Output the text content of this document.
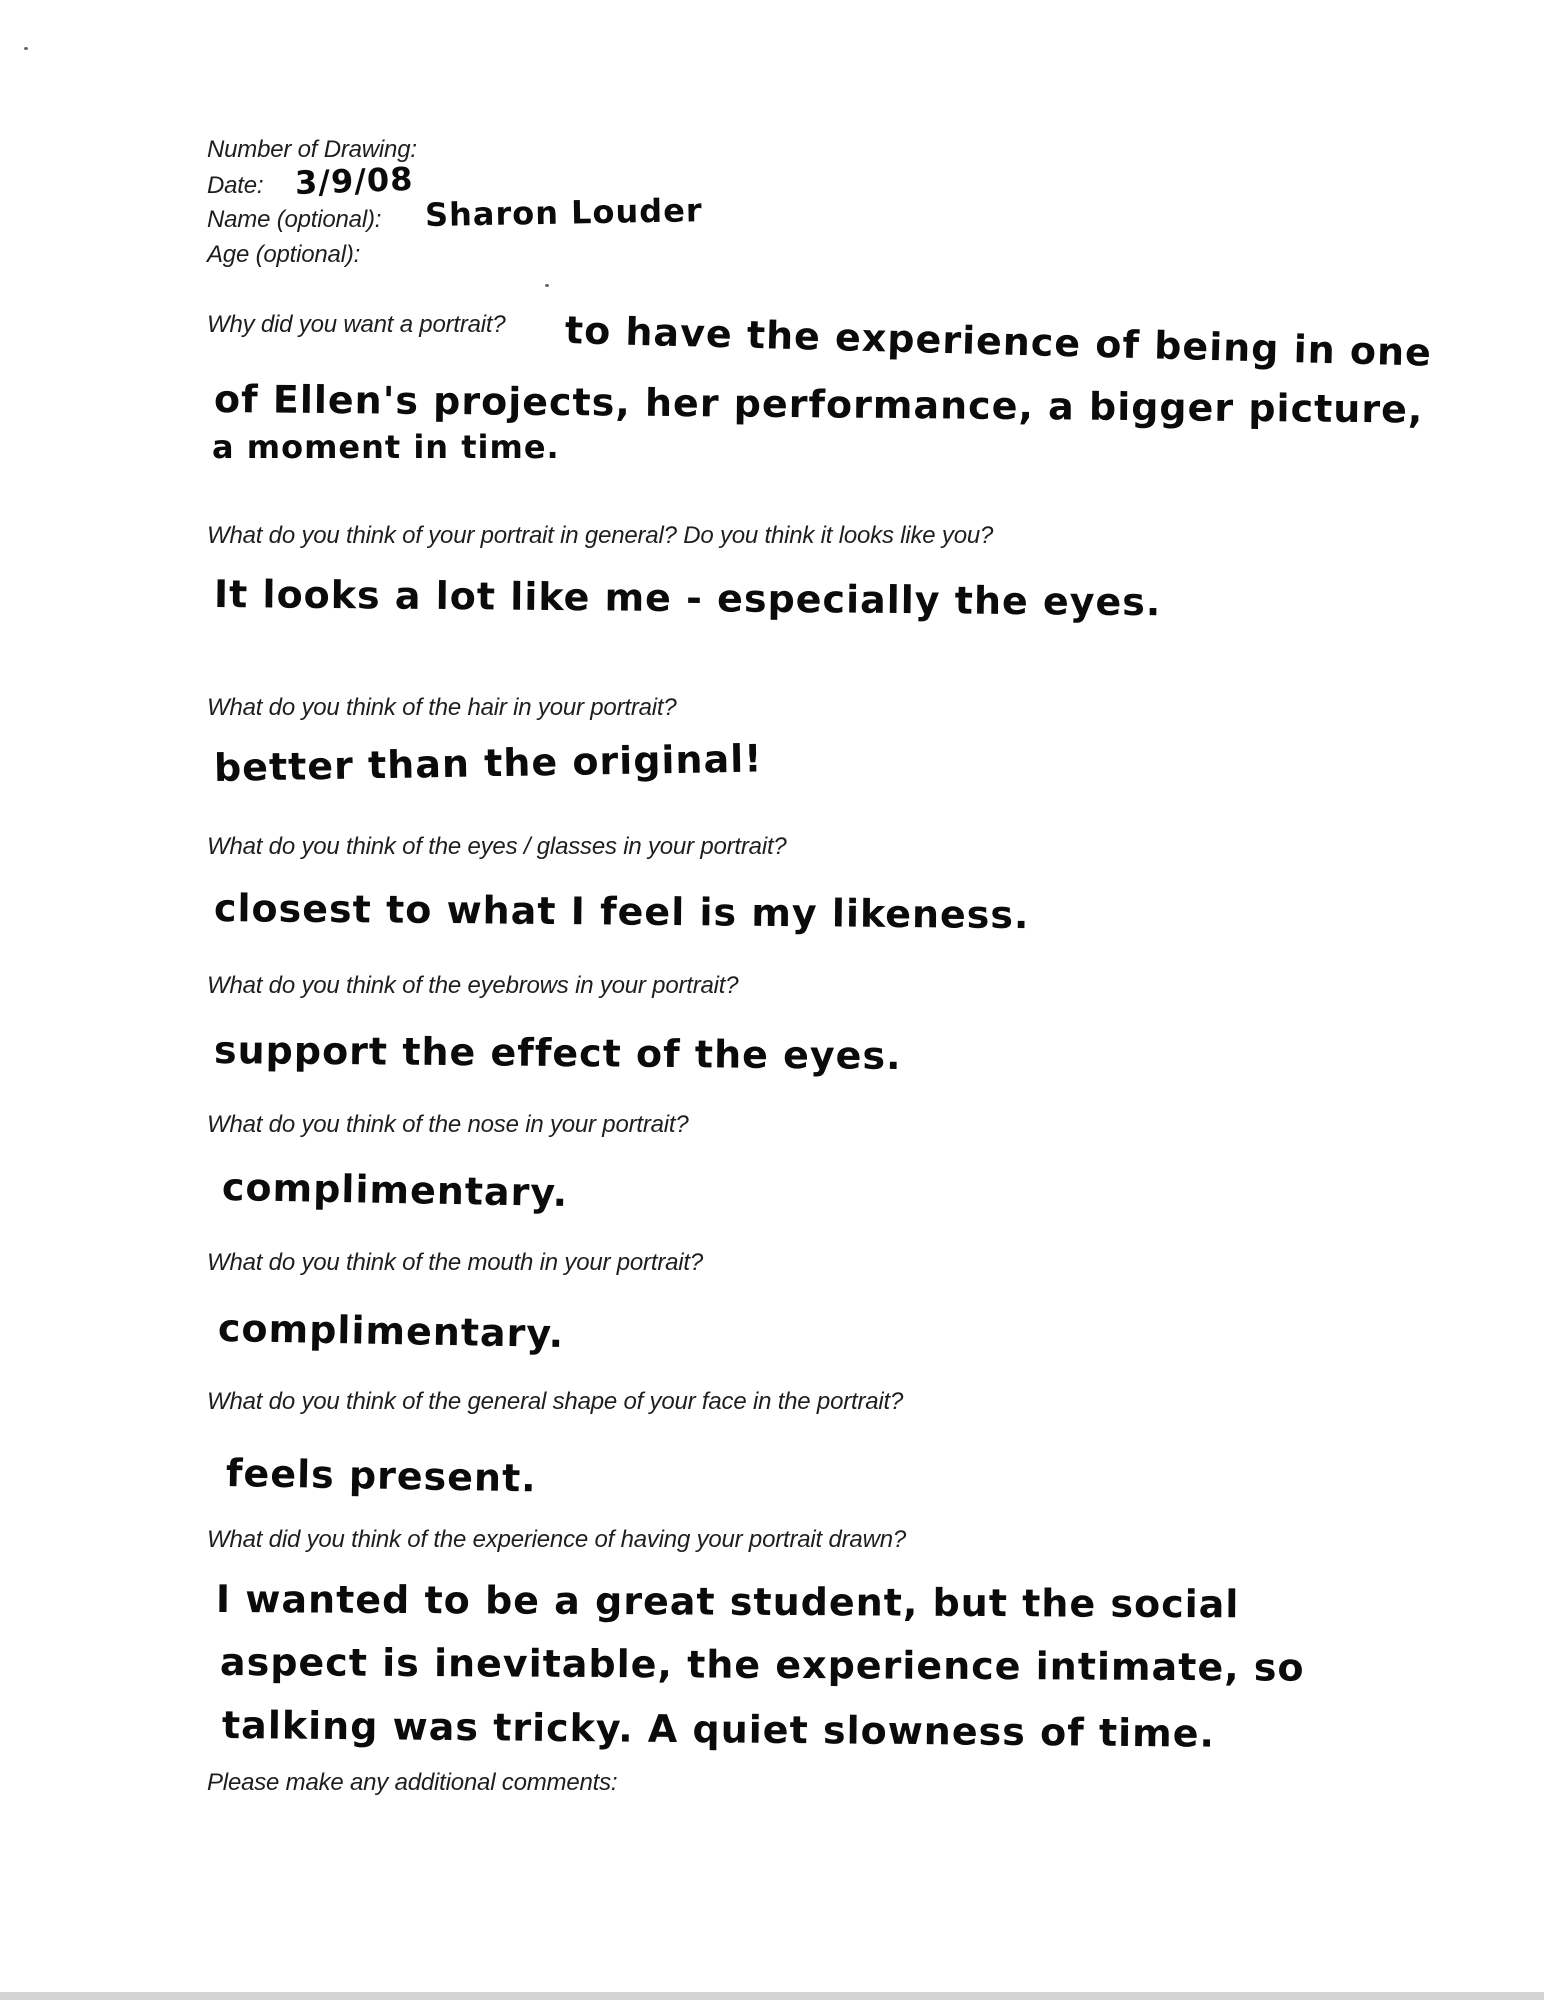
Number of Drawing:
Date: 3/9/08
Name (optional): Sharon Louder
Age (optional):
Why did you want a portrait? to have the experience of being in one
of Ellen's projects, her performance, a bigger picture,
a moment in time.
What do you think of your portrait in general? Do you think it looks like you?
It looks a lot like me - especially the eyes.
What do you think of the hair in your portrait?
better than the original!
What do you think of the eyes / glasses in your portrait?
closest to what I feel is my likeness.
What do you think of the eyebrows in your portrait?
support the effect of the eyes.
What do you think of the nose in your portrait?
complimentary.
What do you think of the mouth in your portrait?
complimentary.
What do you think of the general shape of your face in the portrait?
feels present.
What did you think of the experience of having your portrait drawn?
I wanted to be a great student, but the social
aspect is inevitable, the experience intimate, so
talking was tricky. A quiet slowness of time.
Please make any additional comments:
